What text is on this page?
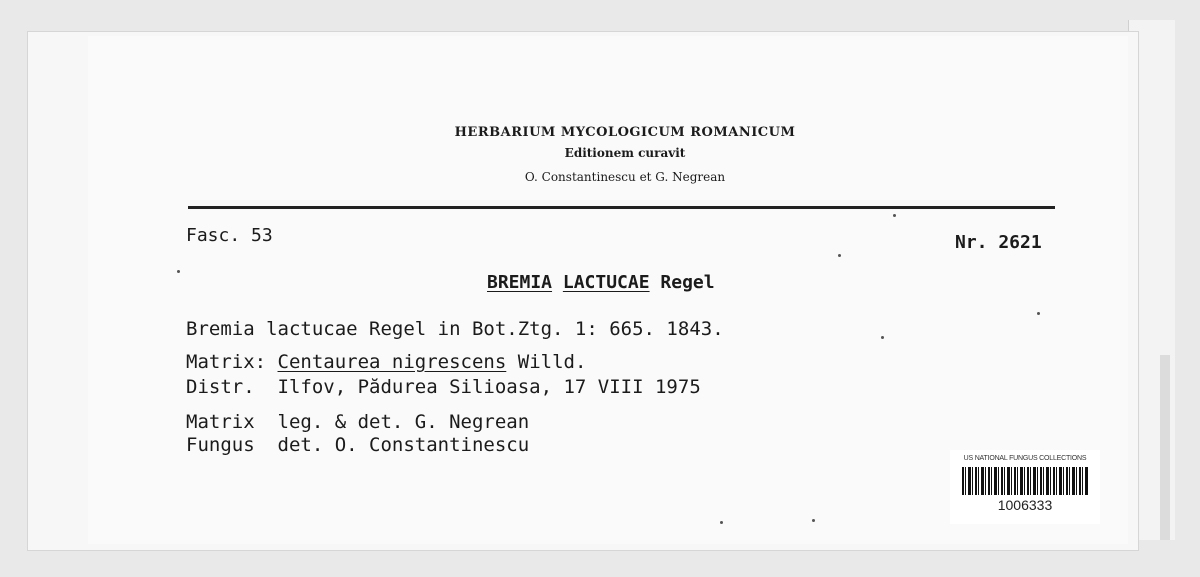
HERBARIUM MYCOLOGICUM ROMANICUM
Editionem curavit
O. Constantinescu et G. Negrean
Fasc. 53	Nr. 2621
BREMIA LACTUCAE Regel
Bremia lactucae Regel in Bot.Ztg. 1: 665. 1843.
Matrix: Centaurea nigrescens Willd.
Distr.  Ilfov, Pădurea Silioasa, 17 VIII 1975
Matrix  leg. & det. G. Negrean
Fungus  det. O. Constantinescu
US NATIONAL FUNGUS COLLECTIONS
1006333
